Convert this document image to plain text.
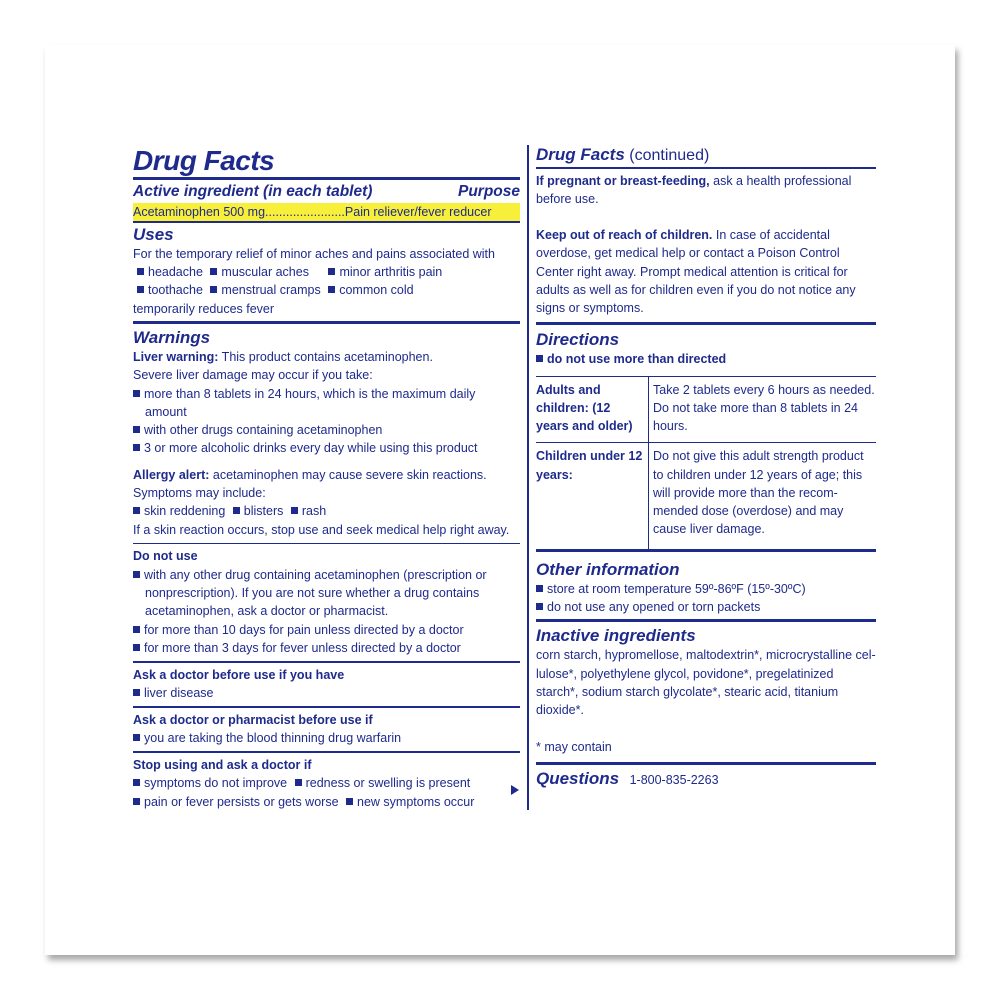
Drug Facts
Active ingredient (in each tablet)	Purpose
Acetaminophen 500 mg.......................Pain reliever/fever reducer
Uses
For the temporary relief of minor aches and pains associated with
headache muscular aches minor arthritis pain
toothache menstrual cramps common cold
temporarily reduces fever
Warnings
Liver warning: This product contains acetaminophen.
Severe liver damage may occur if you take:
more than 8 tablets in 24 hours, which is the maximum daily amount
with other drugs containing acetaminophen
3 or more alcoholic drinks every day while using this product
Allergy alert: acetaminophen may cause severe skin reactions.
Symptoms may include:
skin reddening blisters rash
If a skin reaction occurs, stop use and seek medical help right away.
Do not use
with any other drug containing acetaminophen (prescription or nonprescription). If you are not sure whether a drug contains acetaminophen, ask a doctor or pharmacist.
for more than 10 days for pain unless directed by a doctor
for more than 3 days for fever unless directed by a doctor
Ask a doctor before use if you have
liver disease
Ask a doctor or pharmacist before use if
you are taking the blood thinning drug warfarin
Stop using and ask a doctor if
symptoms do not improve redness or swelling is present
pain or fever persists or gets worse new symptoms occur
Drug Facts (continued)
If pregnant or breast-feeding, ask a health professional before use.
Keep out of reach of children. In case of accidental overdose, get medical help or contact a Poison Control Center right away. Prompt medical attention is critical for adults as well as for children even if you do not notice any signs or symptoms.
Directions
do not use more than directed
Adults and children: (12 years and older)
Take 2 tablets every 6 hours as needed. Do not take more than 8 tablets in 24 hours.
Children under 12 years:
Do not give this adult strength product to children under 12 years of age; this will provide more than the recom-mended dose (overdose) and may cause liver damage.
Other information
store at room temperature 59º-86ºF (15º-30ºC)
do not use any opened or torn packets
Inactive ingredients
corn starch, hypromellose, maltodextrin*, microcrystalline cel-lulose*, polyethylene glycol, povidone*, pregelatinized starch*, sodium starch glycolate*, stearic acid, titanium dioxide*.
* may contain
Questions 1-800-835-2263
